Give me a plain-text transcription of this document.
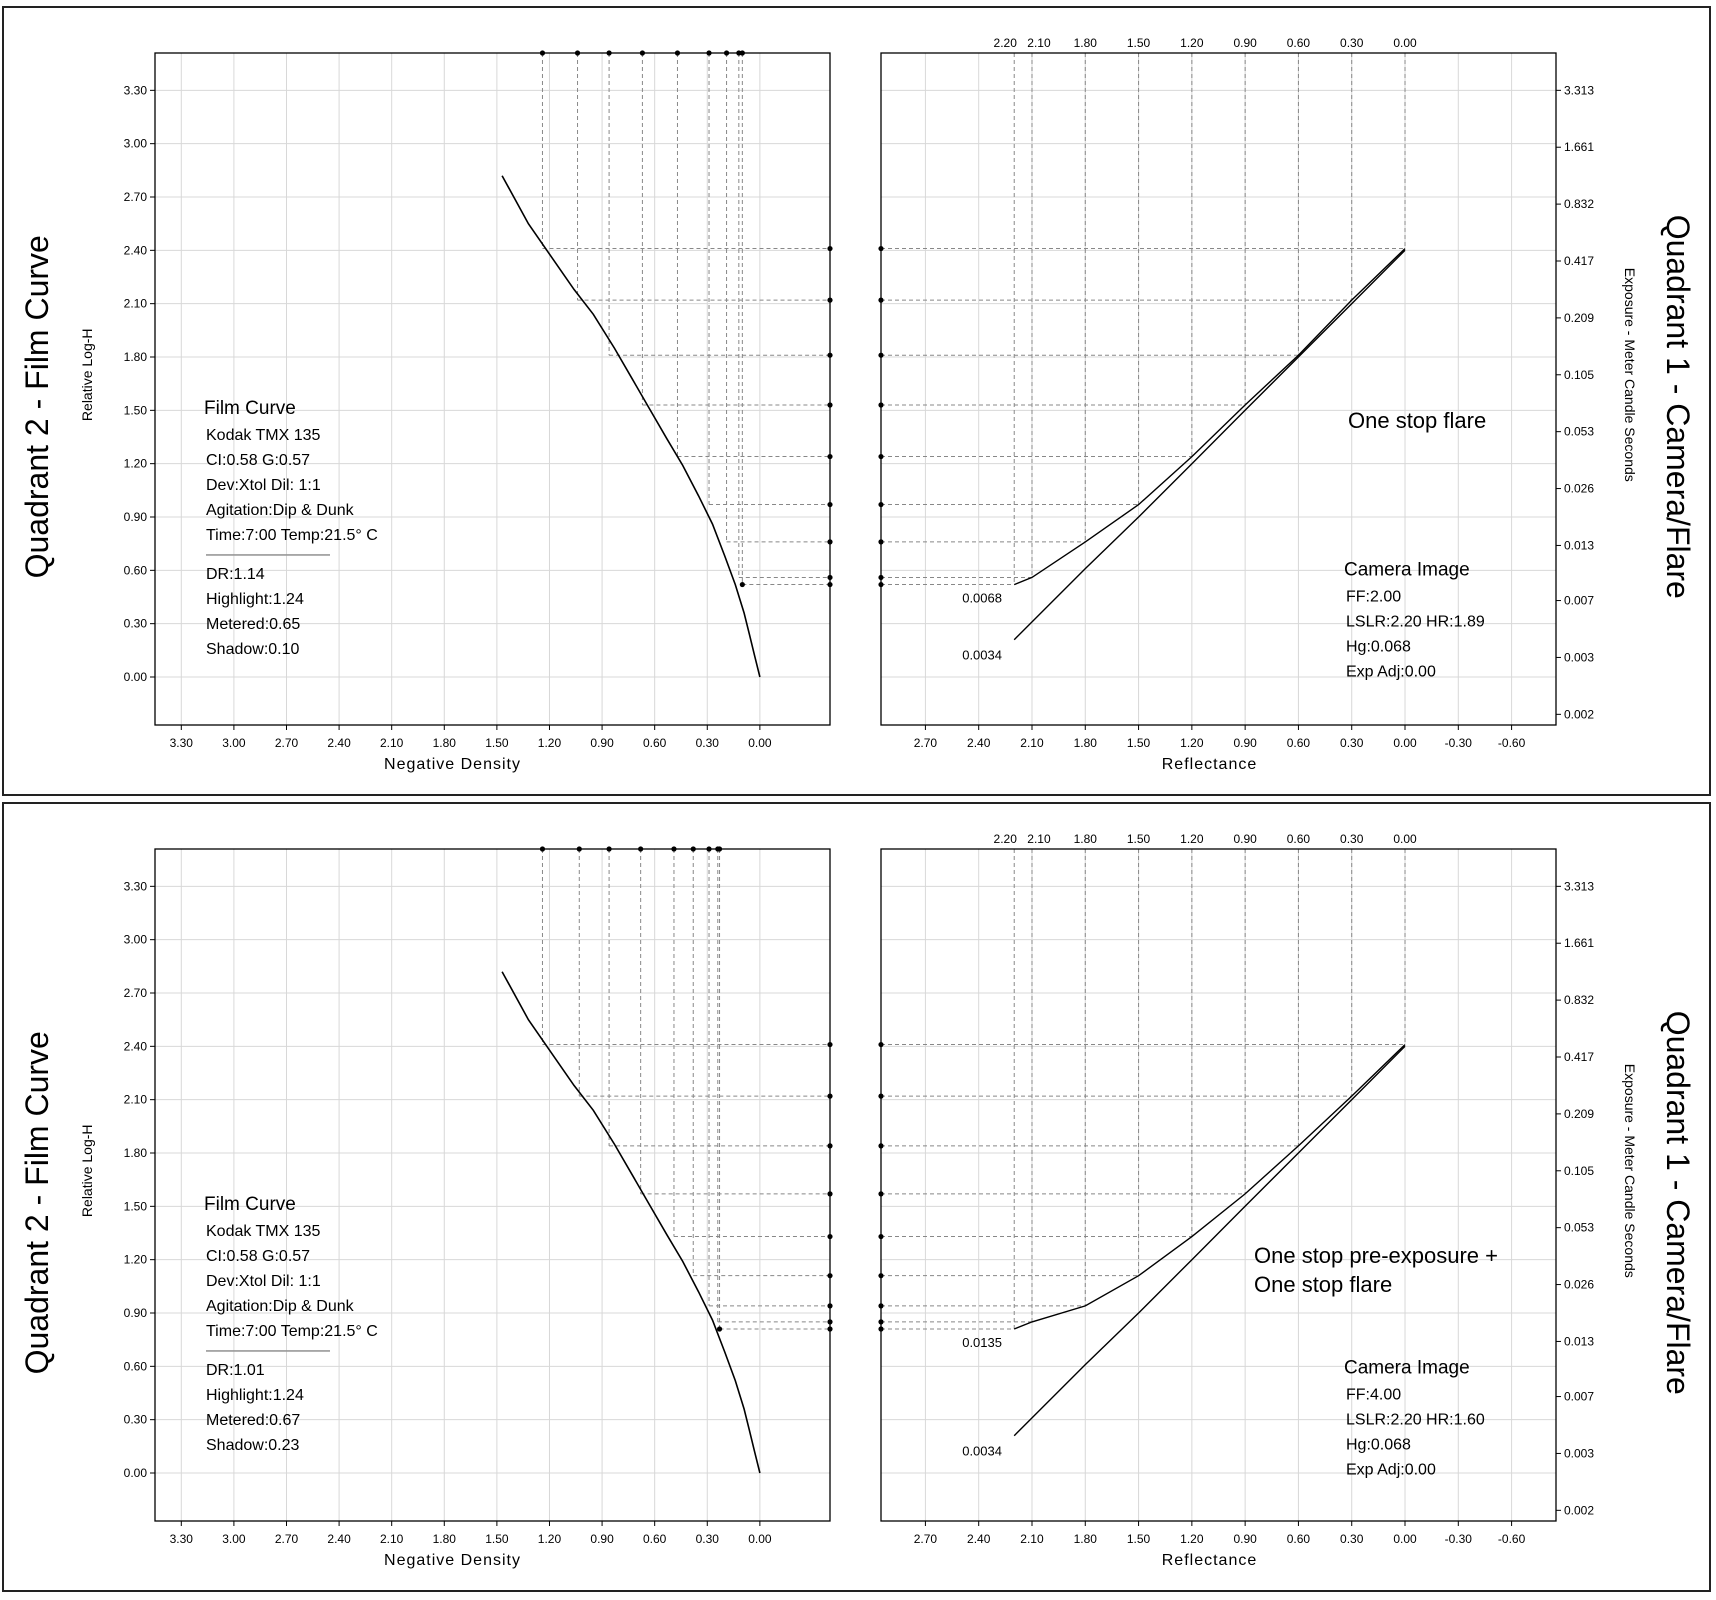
0.0068
0.0034
0.00
0.30
0.60
0.90
1.20
1.50
1.80
2.10
2.40
2.70
3.00
3.30
3.30 3.00 2.70 2.40 2.10 1.80 1.50 1.20 0.90 0.60 0.30 0.00	2.70 2.40 2.10 1.80 1.50 1.20 0.90 0.60 0.30 0.00 -0.30 -0.60
2.20 2.10 1.80 1.50 1.20 0.90 0.60 0.30 0.00
3.313
1.661
0.832
0.417
0.209
0.105
0.053
0.026
0.013
0.007
0.003
0.002
Negative Density	Reflectance
Relative Log-H
Quadrant 2 - Film Curve	Exposure - Meter Candle Seconds Quadrant 1 - Camera/Flare
Film Curve
Kodak TMX 135
CI:0.58 G:0.57
Dev:Xtol Dil: 1:1
Agitation:Dip & Dunk
Time:7:00 Temp:21.5° C
DR:1.14
Highlight:1.24
Metered:0.65
Shadow:0.10
Camera Image
FF:2.00
LSLR:2.20 HR:1.89
Hg:0.068
Exp Adj:0.00
One stop flare
0.0135
0.0034
0.00
0.30
0.60
0.90
1.20
1.50
1.80
2.10
2.40
2.70
3.00
3.30
3.30 3.00 2.70 2.40 2.10 1.80 1.50 1.20 0.90 0.60 0.30 0.00	2.70 2.40 2.10 1.80 1.50 1.20 0.90 0.60 0.30 0.00 -0.30 -0.60
2.20 2.10 1.80 1.50 1.20 0.90 0.60 0.30 0.00
3.313
1.661
0.832
0.417
0.209
0.105
0.053
0.026
0.013
0.007
0.003
0.002
Negative Density	Reflectance
Relative Log-H
Quadrant 2 - Film Curve	Exposure - Meter Candle Seconds Quadrant 1 - Camera/Flare
Film Curve
Kodak TMX 135
CI:0.58 G:0.57
Dev:Xtol Dil: 1:1
Agitation:Dip & Dunk
Time:7:00 Temp:21.5° C
DR:1.01
Highlight:1.24
Metered:0.67
Shadow:0.23
Camera Image
FF:4.00
LSLR:2.20 HR:1.60
Hg:0.068
Exp Adj:0.00
One stop pre-exposure +
One stop flare
